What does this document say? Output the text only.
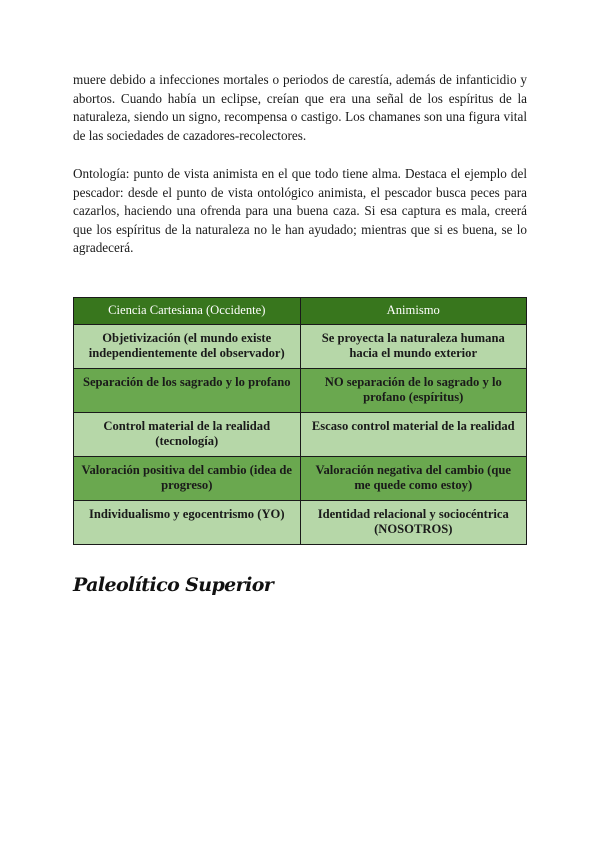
muere debido a infecciones mortales o periodos de carestía, además de infanticidio y abortos. Cuando había un eclipse, creían que era una señal de los espíritus de la naturaleza, siendo un signo, recompensa o castigo. Los chamanes son una figura vital de las sociedades de cazadores-recolectores.

Ontología: punto de vista animista en el que todo tiene alma. Destaca el ejemplo del pescador: desde el punto de vista ontológico animista, el pescador busca peces para cazarlos, haciendo una ofrenda para una buena caza. Si esa captura es mala, creerá que los espíritus de la naturaleza no le han ayudado; mientras que si es buena, se lo agradecerá.

Ciencia Cartesiana (Occidente)	Animismo
Objetivización (el mundo existe independientemente del observador)	Se proyecta la naturaleza humana hacia el mundo exterior
Separación de los sagrado y lo profano	NO separación de lo sagrado y lo profano (espíritus)
Control material de la realidad (tecnología)	Escaso control material de la realidad
Valoración positiva del cambio (idea de progreso)	Valoración negativa del cambio (que me quede como estoy)
Individualismo y egocentrismo (YO)	Identidad relacional y sociocéntrica (NOSOTROS)
Paleolítico Superior
